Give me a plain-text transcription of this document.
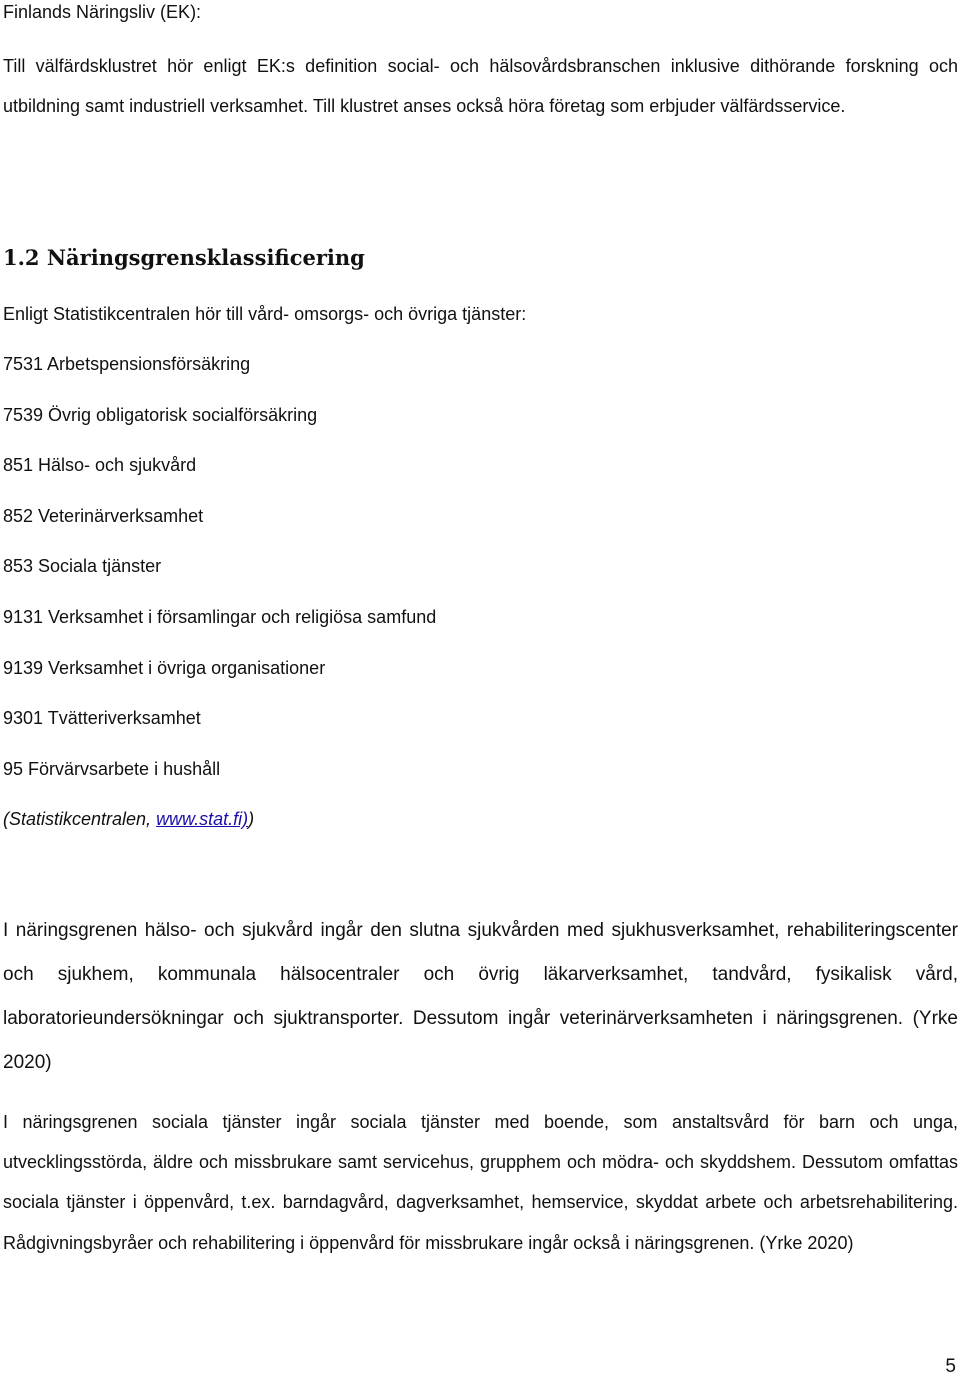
Finlands Näringsliv (EK):

Till välfärdsklustret hör enligt EK:s definition social- och hälsovårdsbranschen inklusive dithörande forskning och utbildning samt industriell verksamhet. Till klustret anses också höra företag som erbjuder välfärdsservice.

1.2 Näringsgrensklassificering

Enligt Statistikcentralen hör till vård- omsorgs- och övriga tjänster:

7531 Arbetspensionsförsäkring
7539 Övrig obligatorisk socialförsäkring
851 Hälso- och sjukvård
852 Veterinärverksamhet
853 Sociala tjänster
9131 Verksamhet i församlingar och religiösa samfund
9139 Verksamhet i övriga organisationer
9301 Tvätteriverksamhet
95 Förvärvsarbete i hushåll

(Statistikcentralen, www.stat.fi))

I näringsgrenen hälso- och sjukvård ingår den slutna sjukvården med sjukhusverksamhet, rehabiliteringscenter och sjukhem, kommunala hälsocentraler och övrig läkarverksamhet, tandvård, fysikalisk vård, laboratorieundersökningar och sjuktransporter. Dessutom ingår veterinärverksamheten i näringsgrenen. (Yrke 2020)

I näringsgrenen sociala tjänster ingår sociala tjänster med boende, som anstaltsvård för barn och unga, utvecklingsstörda, äldre och missbrukare samt servicehus, grupphem och mödra- och skyddshem. Dessutom omfattas sociala tjänster i öppenvård, t.ex. barndagvård, dagverksamhet, hemservice, skyddat arbete och arbetsrehabilitering. Rådgivningsbyråer och rehabilitering i öppenvård för missbrukare ingår också i näringsgrenen. (Yrke 2020)

5
